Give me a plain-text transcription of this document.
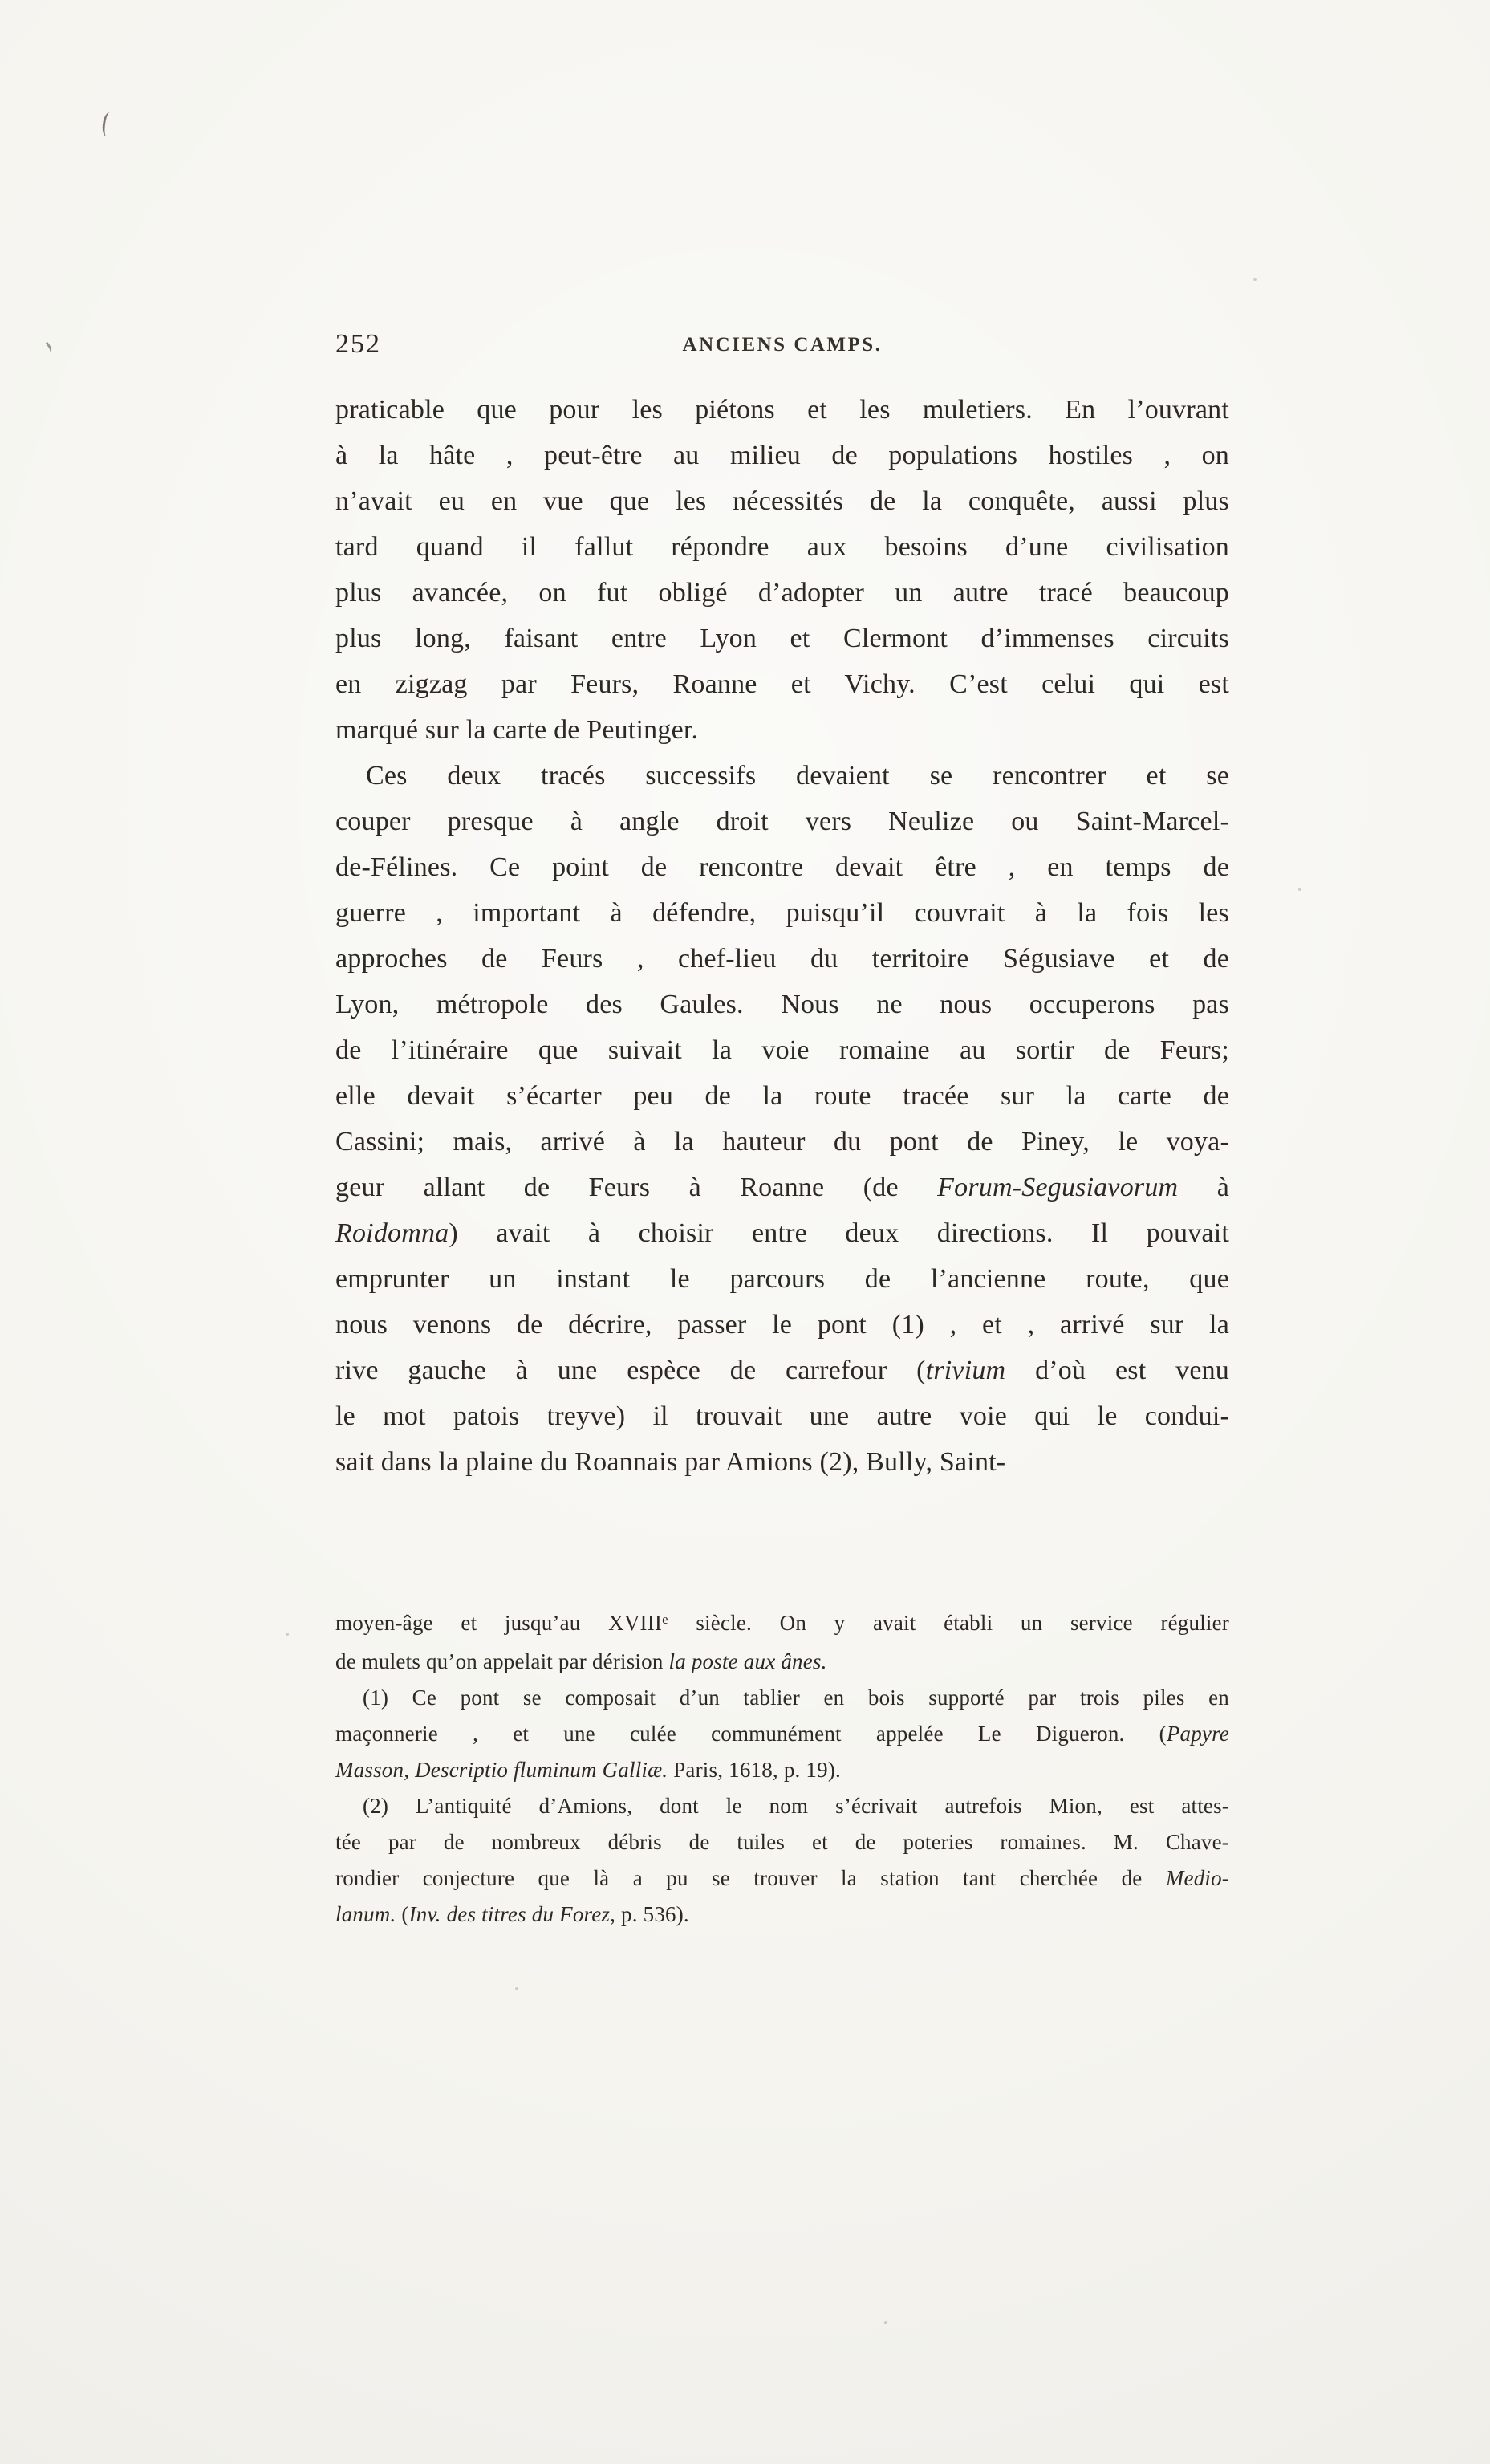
252	ANCIENS CAMPS.
praticable que pour les piétons et les muletiers. En l’ouvrant
à la hâte , peut-être au milieu de populations hostiles , on
n’avait eu en vue que les nécessités de la conquête, aussi plus
tard quand il fallut répondre aux besoins d’une civilisation
plus avancée, on fut obligé d’adopter un autre tracé beaucoup
plus long, faisant entre Lyon et Clermont d’immenses circuits
en zigzag par Feurs, Roanne et Vichy. C’est celui qui est
marqué sur la carte de Peutinger.
Ces deux tracés successifs devaient se rencontrer et se
couper presque à angle droit vers Neulize ou Saint-Marcel-
de-Félines. Ce point de rencontre devait être , en temps de
guerre , important à défendre, puisqu’il couvrait à la fois les
approches de Feurs , chef-lieu du territoire Ségusiave et de
Lyon, métropole des Gaules. Nous ne nous occuperons pas
de l’itinéraire que suivait la voie romaine au sortir de Feurs;
elle devait s’écarter peu de la route tracée sur la carte de
Cassini; mais, arrivé à la hauteur du pont de Piney, le voya-
geur allant de Feurs à Roanne (de Forum-Segusiavorum à
Roidomna) avait à choisir entre deux directions. Il pouvait
emprunter un instant le parcours de l’ancienne route, que
nous venons de décrire, passer le pont (1) , et , arrivé sur la
rive gauche à une espèce de carrefour (trivium d’où est venu
le mot patois treyve) il trouvait une autre voie qui le condui-
sait dans la plaine du Roannais par Amions (2), Bully, Saint-
moyen-âge et jusqu’au XVIIIe siècle. On y avait établi un service régulier
de mulets qu’on appelait par dérision la poste aux ânes.
(1) Ce pont se composait d’un tablier en bois supporté par trois piles en
maçonnerie , et une culée communément appelée Le Digueron. (Papyre
Masson, Descriptio fluminum Galliæ. Paris, 1618, p. 19).
(2) L’antiquité d’Amions, dont le nom s’écrivait autrefois Mion, est attes-
tée par de nombreux débris de tuiles et de poteries romaines. M. Chave-
rondier conjecture que là a pu se trouver la station tant cherchée de Medio-
lanum. (Inv. des titres du Forez, p. 536).
